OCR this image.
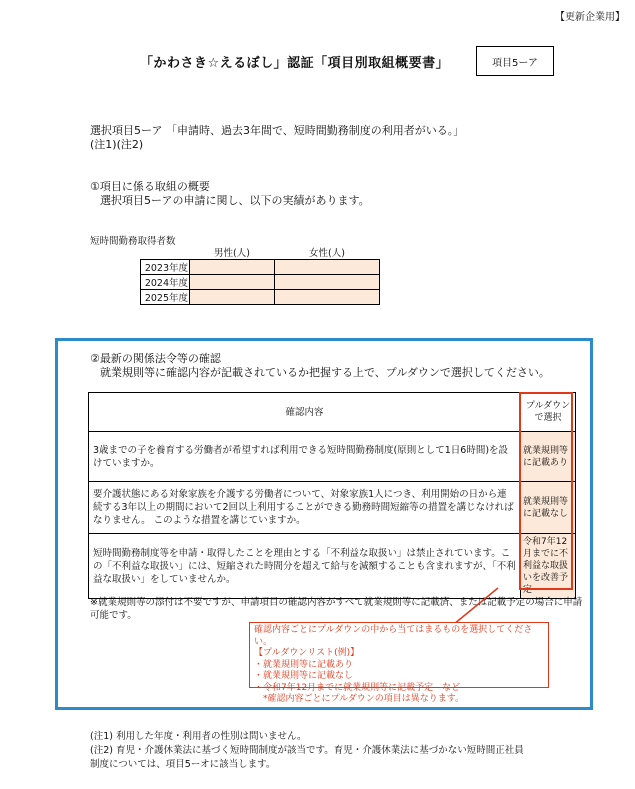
【更新企業用】
「かわさき☆えるぼし」認証「項目別取組概要書」	項目5ーア
選択項目5ーア 「申請時、過去3年間で、短時間勤務制度の利用者がいる。」
(注1)(注2)
①項目に係る取組の概要
選択項目5ーアの申請に関し、以下の実績があります。
短時間勤務取得者数
	男性(人)	女性(人)
2023年度		
2024年度		
2025年度		
②最新の関係法令等の確認
就業規則等に確認内容が記載されているか把握する上で、プルダウンで選択してください。
確認内容	プルダウンで選択
3歳までの子を養育する労働者が希望すれば利用できる短時間勤務制度(原則として1日6時間)を設けていますか。	就業規則等に記載あり
要介護状態にある対象家族を介護する労働者について、対象家族1人につき、利用開始の日から連続する3年以上の期間において2回以上利用することができる勤務時間短縮等の措置を講じなければなりません。 このような措置を講じていますか。	就業規則等に記載なし
短時間勤務制度等を申請・取得したことを理由とする「不利益な取扱い」は禁止されています。この「不利益な取扱い」には、短縮された時間分を超えて給与を減額することも含まれますが、「不利益な取扱い」をしていませんか。	令和7年12月までに不利益な取扱いを改善予定
※就業規則等の添付は不要ですが、申請項目の確認内容がすべて就業規則等に記載済、または記載予定の場合に申請可能です。
確認内容ごとにプルダウンの中から当てはまるものを選択してください。
【プルダウンリスト(例)】
・就業規則等に記載あり
・就業規則等に記載なし
・令和7年12月までに就業規則等に記載予定　など
　*確認内容ごとにプルダウンの項目は異なります。
(注1) 利用した年度・利用者の性別は問いません。
(注2) 育児・介護休業法に基づく短時間制度が該当です。育児・介護休業法に基づかない短時間正社員
制度については、項目5ーオに該当します。
